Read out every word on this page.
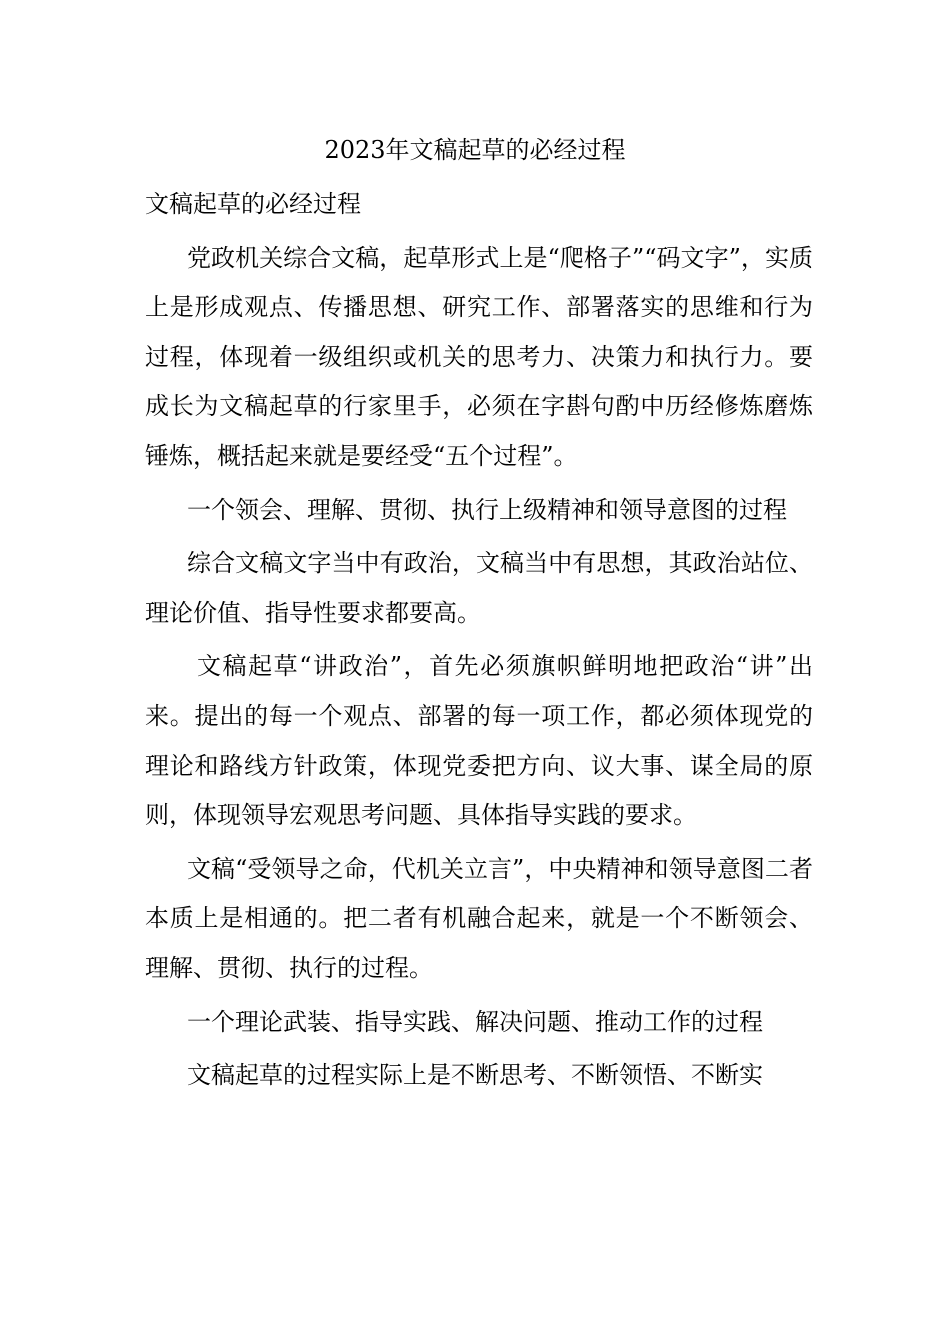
2023年文稿起草的必经过程

文稿起草的必经过程

党政机关综合文稿，起草形式上是“爬格子”“码文字”，实质上是形成观点、传播思想、研究工作、部署落实的思维和行为过程，体现着一级组织或机关的思考力、决策力和执行力。要成长为文稿起草的行家里手，必须在字斟句酌中历经修炼磨炼锤炼，概括起来就是要经受“五个过程”。

一个领会、理解、贯彻、执行上级精神和领导意图的过程

综合文稿文字当中有政治，文稿当中有思想，其政治站位、理论价值、指导性要求都要高。

文稿起草“讲政治”，首先必须旗帜鲜明地把政治“讲”出来。提出的每一个观点、部署的每一项工作，都必须体现党的理论和路线方针政策，体现党委把方向、议大事、谋全局的原则，体现领导宏观思考问题、具体指导实践的要求。

文稿“受领导之命，代机关立言”，中央精神和领导意图二者本质上是相通的。把二者有机融合起来，就是一个不断领会、理解、贯彻、执行的过程。

一个理论武装、指导实践、解决问题、推动工作的过程

文稿起草的过程实际上是不断思考、不断领悟、不断实
